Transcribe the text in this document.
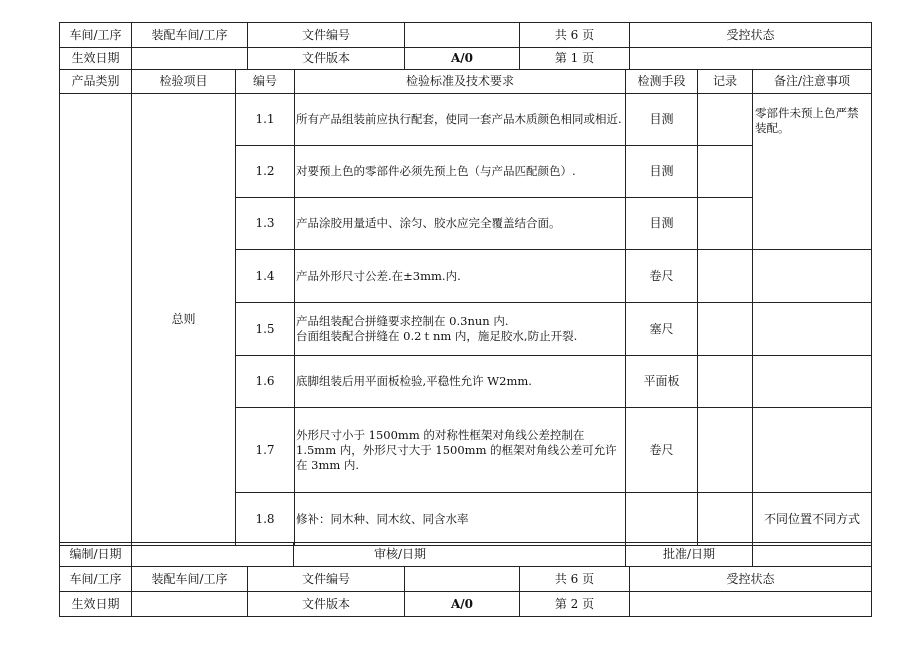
车间/工序	装配车间/工序	文件编号		共 6 页	受控状态
生效日期		文件版本	A/0	第 1 页	
产品类别	检验项目	编号	检验标准及技术要求	检测手段	记录	备注/注意事项
	总则	1.1	所有产品组装前应执行配套，使同一套产品木质颜色相同或相近.	目测		零部件未预上色严禁装配。
		1.2	对要预上色的零部件必须先预上色（与产品匹配颜色）.	目测		
		1.3	产品涂胶用量适中、涂匀、胶水应完全覆盖结合面。	目测		
		1.4	产品外形尺寸公差.在±3mm.内.	卷尺		
		1.5	产品组装配合拼缝要求控制在 0.3nun 内.
台面组装配合拼缝在 0.2ｔnm 内，施足胶水,防止开裂.	塞尺		
		1.6	底脚组装后用平面板检验,平稳性允许 W2mm.	平面板		
		1.7	外形尺寸小于 1500mm 的对称性框架对角线公差控制在 1.5mm 内，外形尺寸大于 1500mm 的框架对角线公差可允许在 3mm 内.	卷尺		
		1.8	修补：同木种、同木纹、同含水率			不同位置不同方式
编制/日期		审核/日期	批准/日期	
车间/工序	装配车间/工序	文件编号		共 6 页	受控状态
生效日期		文件版本	A/0	第 2 页	
